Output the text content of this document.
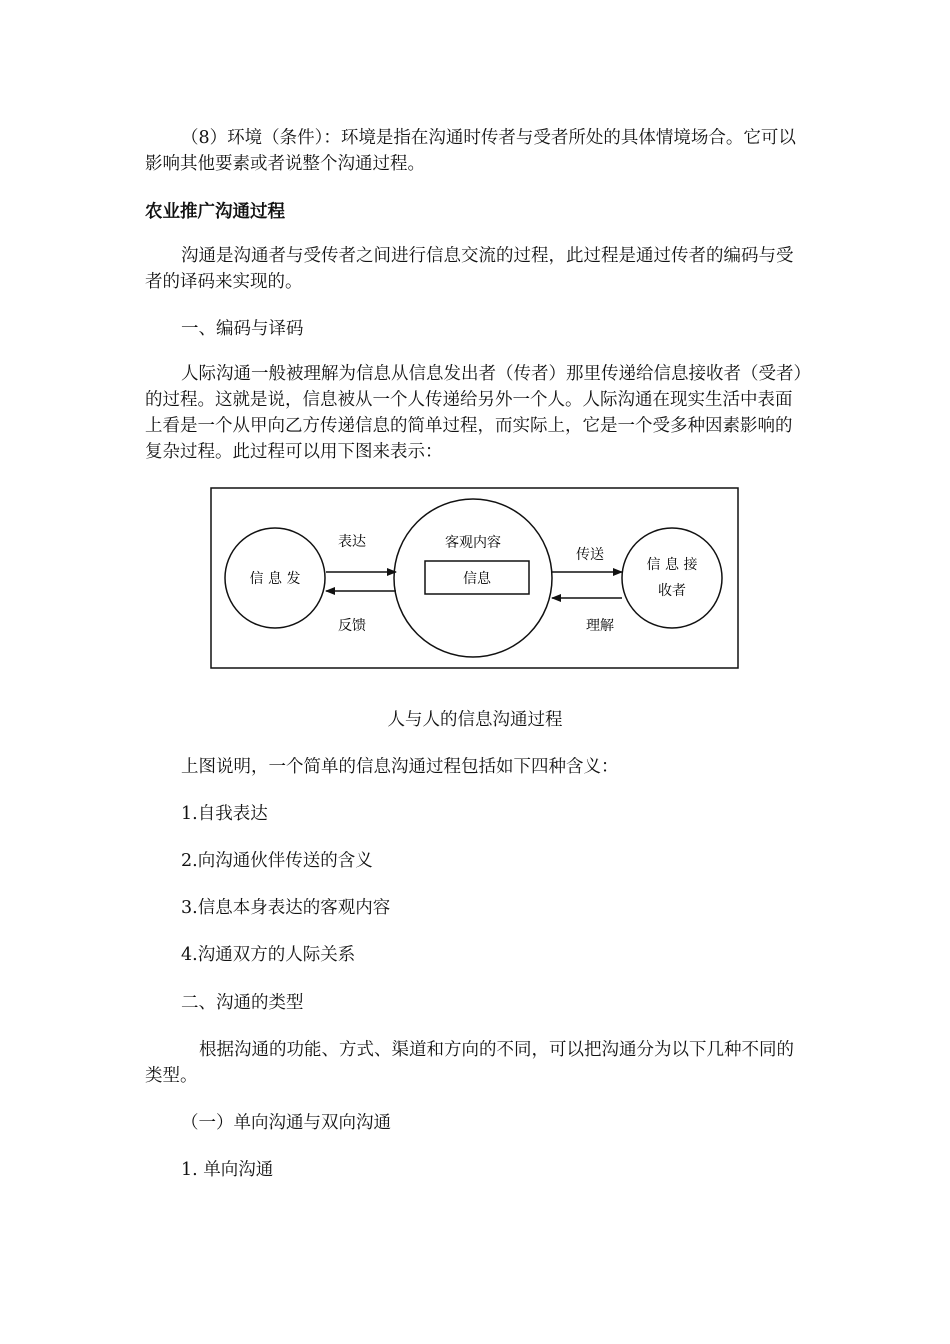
（8）环境（条件）：环境是指在沟通时传者与受者所处的具体情境场合。它可以影响其他要素或者说整个沟通过程。

农业推广沟通过程

沟通是沟通者与受传者之间进行信息交流的过程，此过程是通过传者的编码与受者的译码来实现的。

一、编码与译码

人际沟通一般被理解为信息从信息发出者（传者）那里传递给信息接收者（受者）的过程。这就是说，信息被从一个人传递给另外一个人。人际沟通在现实生活中表面上看是一个从甲向乙方传递信息的简单过程，而实际上，它是一个受多种因素影响的复杂过程。此过程可以用下图来表示：

信 息 发
信 息 接
收者
客观内容
信息
表达
反馈
传送
理解
人与人的信息沟通过程
上图说明，一个简单的信息沟通过程包括如下四种含义：
1.自我表达
2.向沟通伙伴传送的含义
3.信息本身表达的客观内容
4.沟通双方的人际关系
二、沟通的类型

根据沟通的功能、方式、渠道和方向的不同，可以把沟通分为以下几种不同的类型。

（一）单向沟通与双向沟通
1. 单向沟通
